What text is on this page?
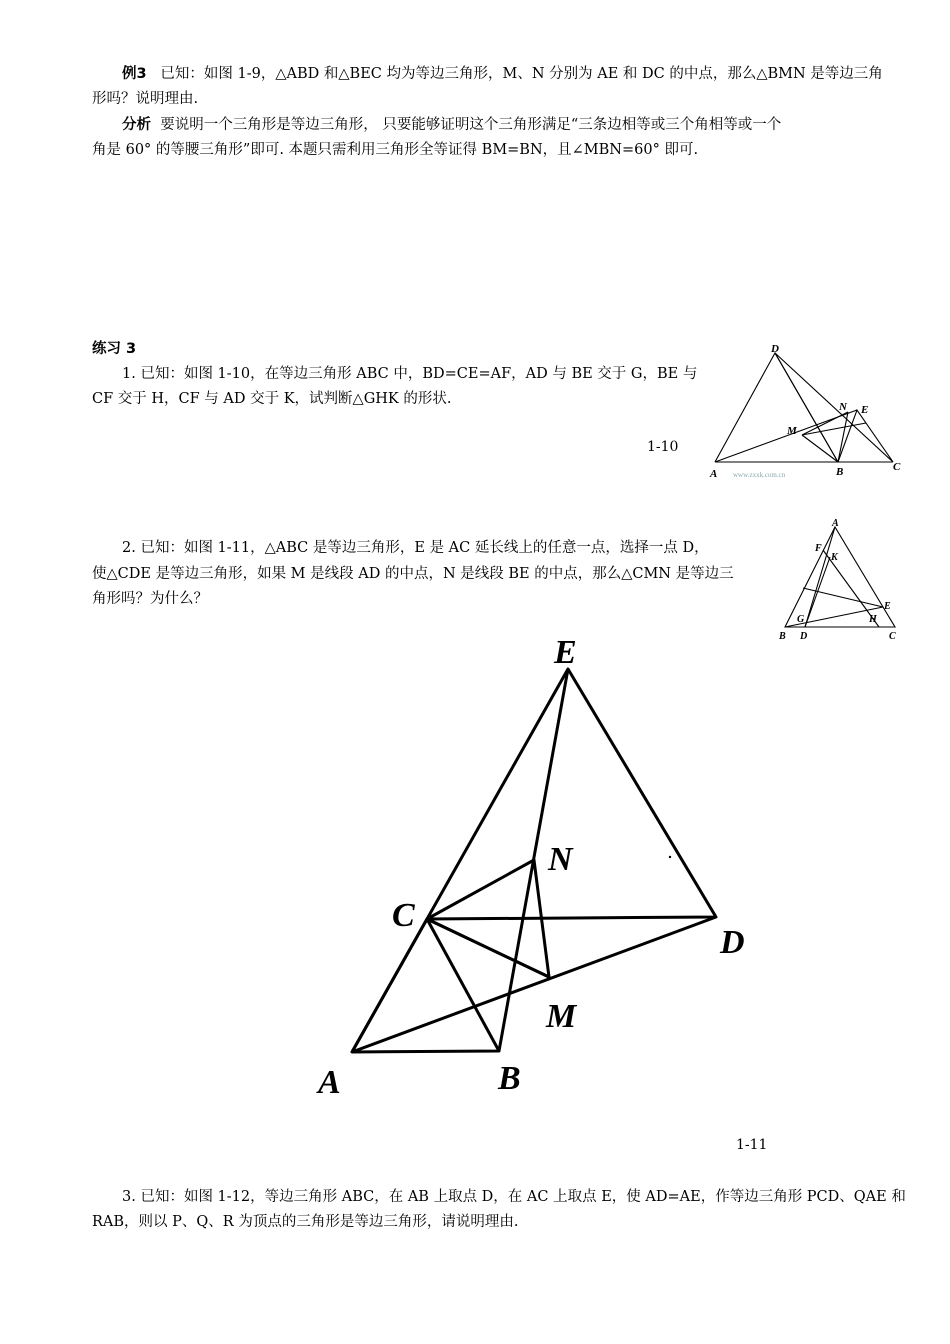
例3 已知：如图 1-9，△ABD 和△BEC 均为等边三角形，M、N 分别为 AE 和 DC 的中点，那么△BMN 是等边三角
形吗？说明理由.
分析 要说明一个三角形是等边三角形， 只要能够证明这个三角形满足“三条边相等或三个角相等或一个
角是 60° 的等腰三角形”即可. 本题只需利用三角形全等证得 BM=BN，且∠MBN=60° 即可.
练习 3
1. 已知：如图 1-10，在等边三角形 ABC 中，BD=CE=AF，AD 与 BE 交于 G，BE 与
CF 交于 H，CF 与 AD 交于 K，试判断△GHK 的形状.
1-10
D
N E
M
A	B	C
www.zxxk.com.cn
2. 已知：如图 1-11，△ABC 是等边三角形，E 是 AC 延长线上的任意一点，选择一点 D，
使△CDE 是等边三角形，如果 M 是线段 AD 的中点，N 是线段 BE 的中点，那么△CMN 是等边三
角形吗？为什么？
A
F
K
E
G	H
B D	C
E
N
C
D
M
A	B
1-11
3. 已知：如图 1-12，等边三角形 ABC，在 AB 上取点 D，在 AC 上取点 E，使 AD=AE，作等边三角形 PCD、QAE 和
RAB，则以 P、Q、R 为顶点的三角形是等边三角形，请说明理由.
